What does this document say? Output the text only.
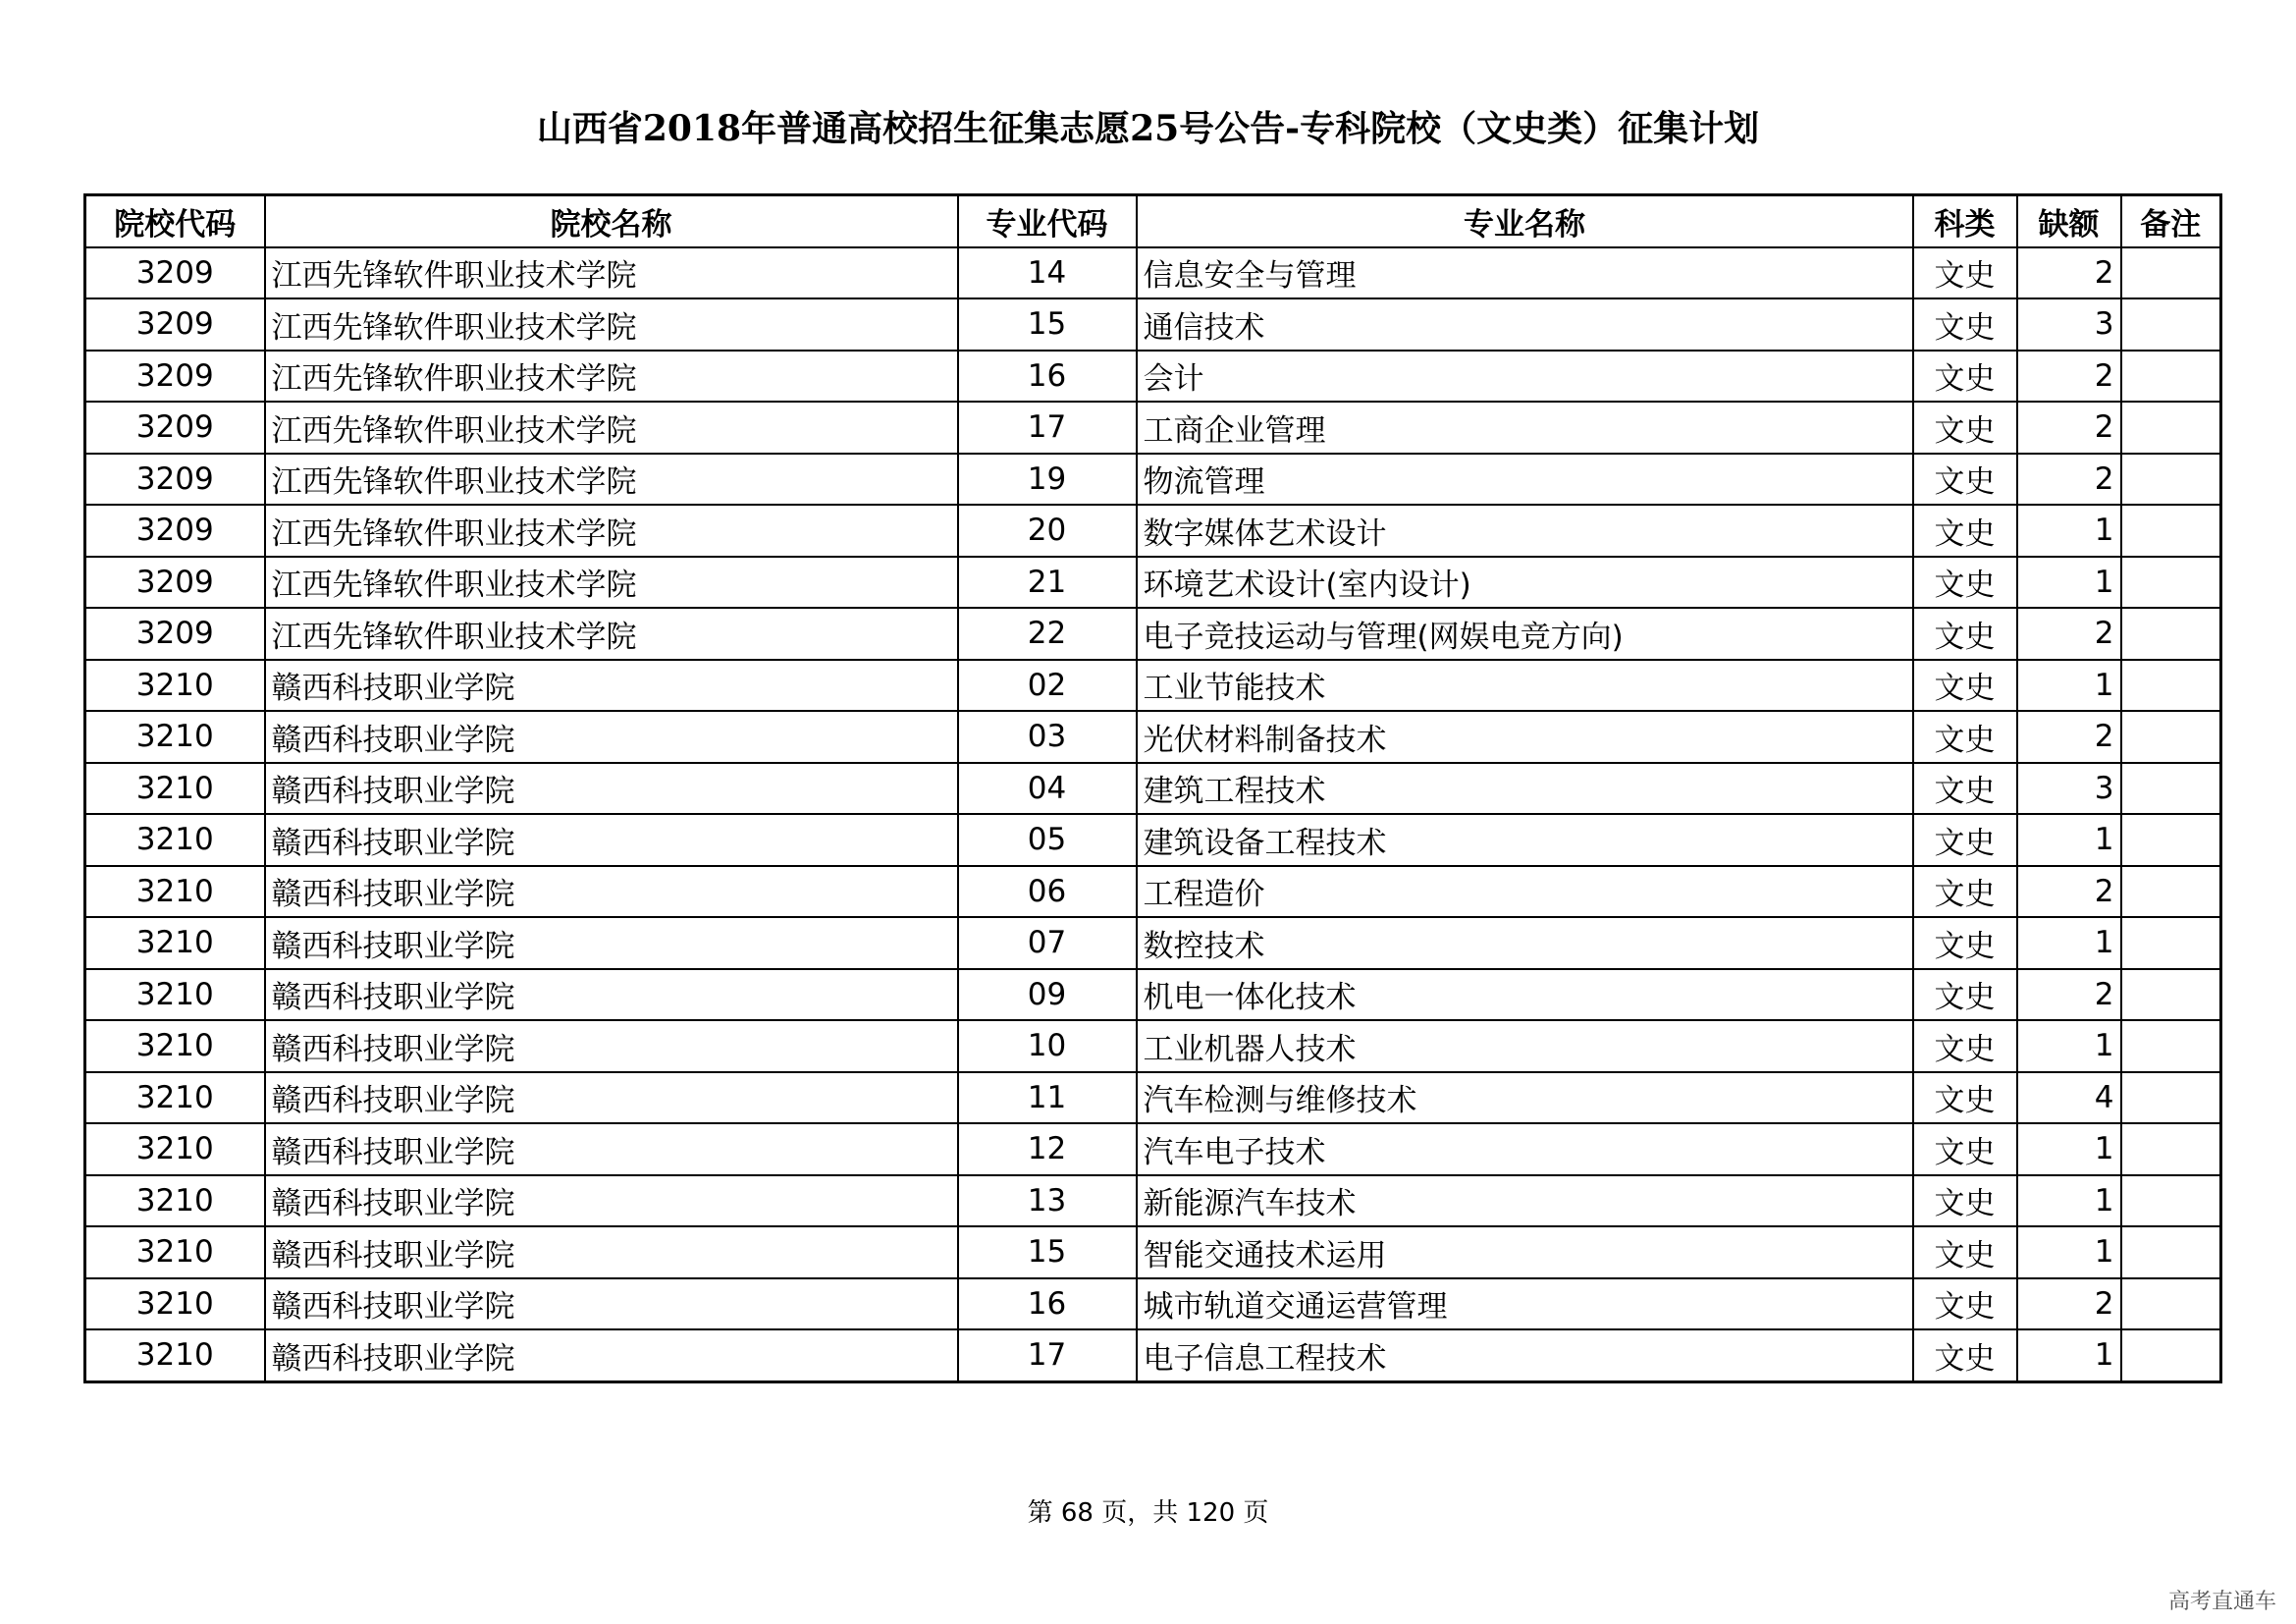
山西省2018年普通高校招生征集志愿25号公告-专科院校（文史类）征集计划
院校代码	院校名称	专业代码	专业名称	科类	缺额	备注
3209	江西先锋软件职业技术学院	14	信息安全与管理	文史	2	
3209	江西先锋软件职业技术学院	15	通信技术	文史	3	
3209	江西先锋软件职业技术学院	16	会计	文史	2	
3209	江西先锋软件职业技术学院	17	工商企业管理	文史	2	
3209	江西先锋软件职业技术学院	19	物流管理	文史	2	
3209	江西先锋软件职业技术学院	20	数字媒体艺术设计	文史	1	
3209	江西先锋软件职业技术学院	21	环境艺术设计(室内设计)	文史	1	
3209	江西先锋软件职业技术学院	22	电子竞技运动与管理(网娱电竞方向)	文史	2	
3210	赣西科技职业学院	02	工业节能技术	文史	1	
3210	赣西科技职业学院	03	光伏材料制备技术	文史	2	
3210	赣西科技职业学院	04	建筑工程技术	文史	3	
3210	赣西科技职业学院	05	建筑设备工程技术	文史	1	
3210	赣西科技职业学院	06	工程造价	文史	2	
3210	赣西科技职业学院	07	数控技术	文史	1	
3210	赣西科技职业学院	09	机电一体化技术	文史	2	
3210	赣西科技职业学院	10	工业机器人技术	文史	1	
3210	赣西科技职业学院	11	汽车检测与维修技术	文史	4	
3210	赣西科技职业学院	12	汽车电子技术	文史	1	
3210	赣西科技职业学院	13	新能源汽车技术	文史	1	
3210	赣西科技职业学院	15	智能交通技术运用	文史	1	
3210	赣西科技职业学院	16	城市轨道交通运营管理	文史	2	
3210	赣西科技职业学院	17	电子信息工程技术	文史	1	
第 68 页，共 120 页
高考直通车
